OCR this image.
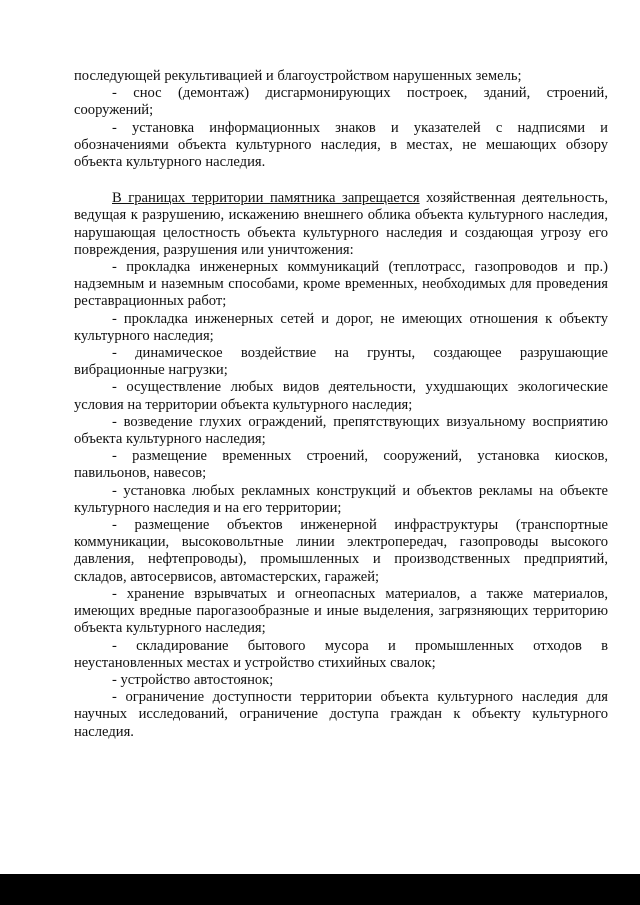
последующей рекультивацией и благоустройством нарушенных земель;

- снос (демонтаж) дисгармонирующих построек, зданий, строений, сооружений;

- установка информационных знаков и указателей с надписями и обозначениями объекта культурного наследия, в местах, не мешающих обзору объекта культурного наследия.

В границах территории памятника запрещается хозяйственная деятельность, ведущая к разрушению, искажению внешнего облика объекта культурного наследия, нарушающая целостность объекта культурного наследия и создающая угрозу его повреждения, разрушения или уничтожения:

- прокладка инженерных коммуникаций (теплотрасс, газопроводов и пр.) надземным и наземным способами, кроме временных, необходимых для проведения реставрационных работ;

- прокладка инженерных сетей и дорог, не имеющих отношения к объекту культурного наследия;

- динамическое воздействие на грунты, создающее разрушающие вибрационные нагрузки;

- осуществление любых видов деятельности, ухудшающих экологические условия на территории объекта культурного наследия;

- возведение глухих ограждений, препятствующих визуальному восприятию объекта культурного наследия;

- размещение временных строений, сооружений, установка киосков, павильонов, навесов;

- установка любых рекламных конструкций и объектов рекламы на объекте культурного наследия и на его территории;

- размещение объектов инженерной инфраструктуры (транспортные коммуникации, высоковольтные линии электропередач, газопроводы высокого давления, нефтепроводы), промышленных и производственных предприятий, складов, автосервисов, автомастерских, гаражей;

- хранение взрывчатых и огнеопасных материалов, а также материалов, имеющих вредные парогазообразные и иные выделения, загрязняющих территорию объекта культурного наследия;

- складирование бытового мусора и промышленных отходов в неустановленных местах и устройство стихийных свалок;

- устройство автостоянок;

- ограничение доступности территории объекта культурного наследия для научных исследований, ограничение доступа граждан к объекту культурного наследия.
